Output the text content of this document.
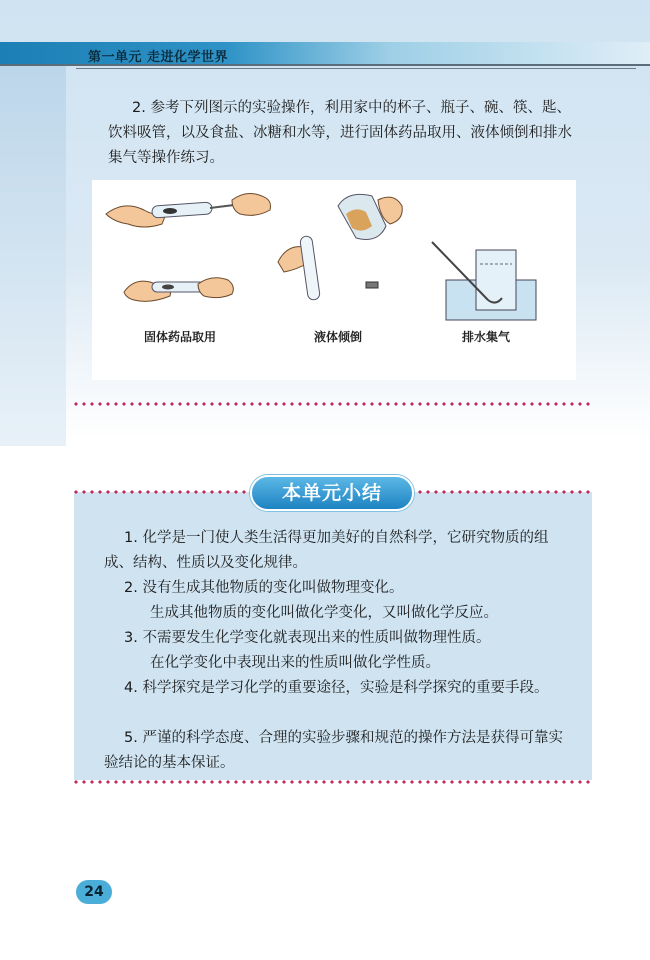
第一单元 走进化学世界

2. 参考下列图示的实验操作，利用家中的杯子、瓶子、碗、筷、匙、饮料吸管，以及食盐、冰糖和水等，进行固体药品取用、液体倾倒和排水集气等操作练习。

固体药品取用	液体倾倒	排水集气
本单元小结

1. 化学是一门使人类生活得更加美好的自然科学，它研究物质的组成、结构、性质以及变化规律。

2. 没有生成其他物质的变化叫做物理变化。

生成其他物质的变化叫做化学变化，又叫做化学反应。

3. 不需要发生化学变化就表现出来的性质叫做物理性质。

在化学变化中表现出来的性质叫做化学性质。

4. 科学探究是学习化学的重要途径，实验是科学探究的重要手段。

5. 严谨的科学态度、合理的实验步骤和规范的操作方法是获得可靠实验结论的基本保证。

24
